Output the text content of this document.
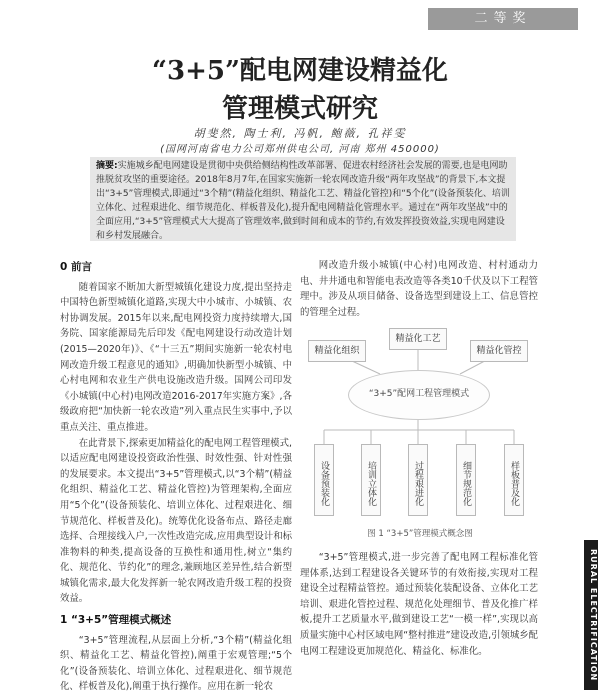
二等奖
“3+5”配电网建设精益化
管理模式研究
胡斐然, 陶士利, 冯帆, 鲍薇, 孔祥雯
(国网河南省电力公司郑州供电公司, 河南 郑州 450000)
摘要:实施城乡配电网建设是贯彻中央供给侧结构性改革部署、促进农村经济社会发展的需要,也是电网助推脱贫攻坚的重要途径。2018年8月7年,在国家实施新一轮农网改造升级“两年攻坚战”的背景下,本文提出“3+5”管理模式,即通过“3个精”(精益化组织、精益化工艺、精益化管控)和“5个化”(设备预装化、培训立体化、过程艰进化、细节规范化、样板普及化),提升配电网精益化管理水平。通过在“两年攻坚战”中的全面应用,“3+5”管理模式大大提高了管理效率,做到时间和成本的节约,有效发挥投资效益,实现电网建设和乡村发展融合。
0 前言

随着国家不断加大新型城镇化建设力度,提出坚持走中国特色新型城镇化道路,实现大中小城市、小城镇、农村协调发展。2015年以来,配电网投资力度持续增大,国务院、国家能源局先后印发《配电网建设行动改造计划(2015—2020年)》、《“十三五”期间实施新一轮农村电网改造升级工程意见的通知》,明确加快新型小城镇、中心村电网和农业生产供电设施改造升级。国网公司印发《小城镇(中心村)电网改造2016-2017年实施方案》,各级政府把“加快新一轮农改造”列入重点民生实事中,予以重点关注、重点推进。

在此背景下,探索更加精益化的配电网工程管理模式,以适应配电网建设投资政治性强、时效性强、针对性强的发展要求。本文提出“3+5”管理模式,以“3个精”(精益化组织、精益化工艺、精益化管控)为管理架构,全面应用“5个化”(设备预装化、培训立体化、过程艰进化、细节规范化、样板普及化)。统筹优化设备布点、路径走廊选择、合理接线入户,一次性改造完成,应用典型设计和标准物料的种类,提高设备的互换性和通用性,树立“集约化、规范化、节约化”的理念,兼顾地区差异性,结合新型城镇化需求,最大化发挥新一轮农网改造升级工程的投资效益。

1 “3+5”管理模式概述

“3+5”管理流程,从层面上分析,“3个精”(精益化组织、精益化工艺、精益化管控),阐重于宏观管理;“5个化”(设备预装化、培训立体化、过程艰进化、细节规范化、样板普及化),阐重于执行操作。应用在新一轮农

网改造升级小城镇(中心村)电网改造、村村通动力电、井井通电和智能电表改造等各类10千伏及以下工程管理中。涉及从项目储备、设备选型到建设上工、信息管控的管理全过程。

精益化组织
精益化工艺
精益化管控
“3+5”配网工程管理模式
设备预装化	培训立体化	过程艰进化	细节规范化	样板普及化
图 1 “3+5”管理模式概念图

“3+5”管理模式,进一步完善了配电网工程标准化管理体系,达到工程建设各关键环节的有效衔接,实现对工程建设全过程精益管控。通过预装化装配设备、立体化工艺培训、艰进化管控过程、规范化处理细节、普及化推广样板,提升工艺质量水平,做到建设工艺“一模一样”,实现以高质量实施中心村区域电网“整村推进”建设改造,引领城乡配电网工程建设更加规范化、精益化、标准化。	RURAL ELECTRIFICATION
